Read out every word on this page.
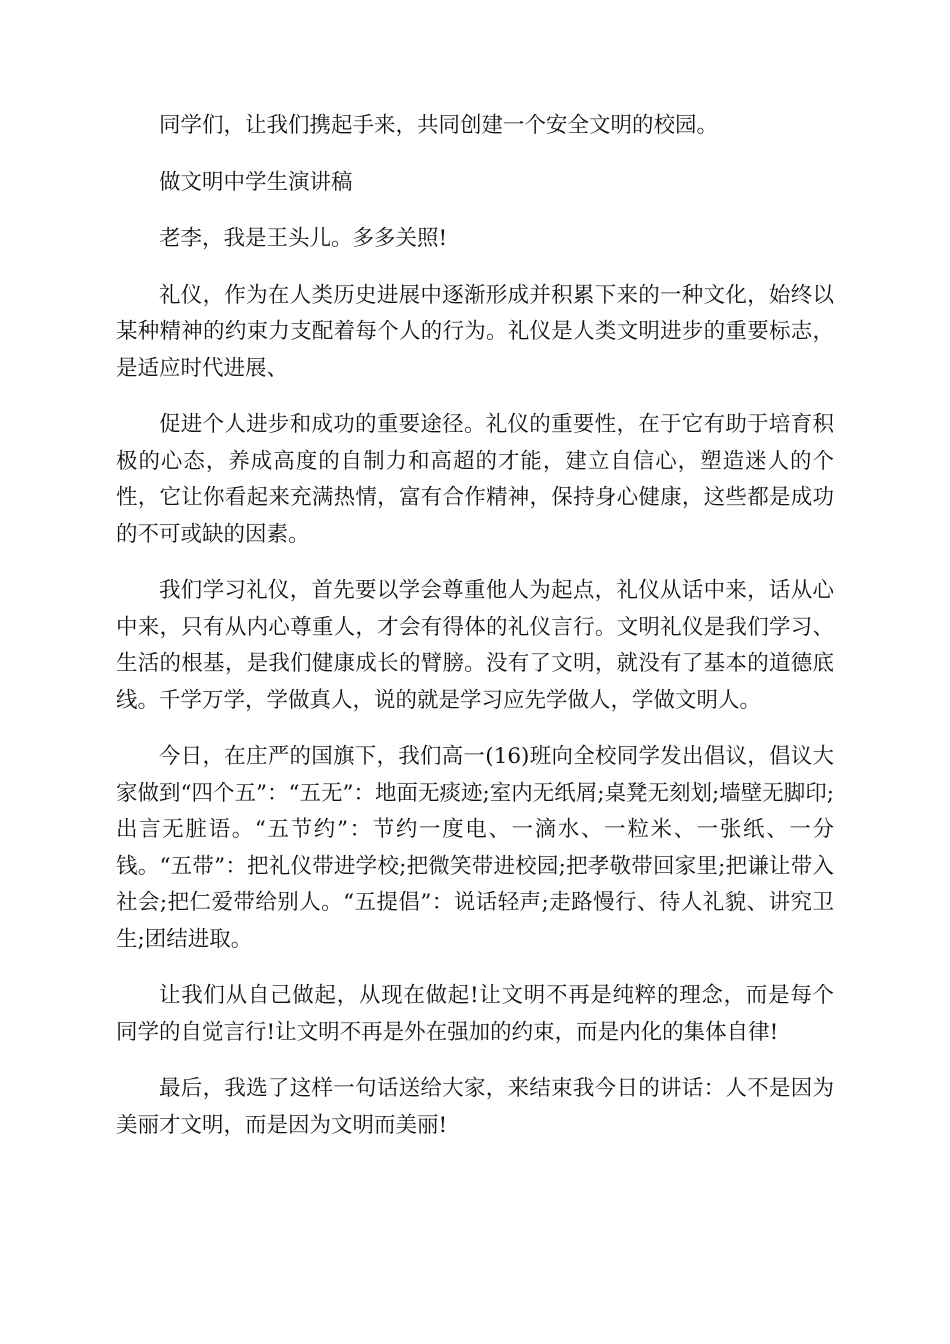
同学们，让我们携起手来，共同创建一个安全文明的校园。

做文明中学生演讲稿

老李，我是王头儿。多多关照!

礼仪，作为在人类历史进展中逐渐形成并积累下来的一种文化，始终以某种精神的约束力支配着每个人的行为。礼仪是人类文明进步的重要标志，是适应时代进展、

促进个人进步和成功的重要途径。礼仪的重要性，在于它有助于培育积极的心态，养成高度的自制力和高超的才能，建立自信心，塑造迷人的个性，它让你看起来充满热情，富有合作精神，保持身心健康，这些都是成功的不可或缺的因素。

我们学习礼仪，首先要以学会尊重他人为起点，礼仪从话中来，话从心中来，只有从内心尊重人，才会有得体的礼仪言行。文明礼仪是我们学习、生活的根基，是我们健康成长的臂膀。没有了文明，就没有了基本的道德底线。千学万学，学做真人，说的就是学习应先学做人，学做文明人。

今日，在庄严的国旗下，我们高一(16)班向全校同学发出倡议，倡议大家做到“四个五”：“五无”：地面无痰迹;室内无纸屑;桌凳无刻划;墙壁无脚印;出言无脏语。“五节约”：节约一度电、一滴水、一粒米、一张纸、一分钱。“五带”：把礼仪带进学校;把微笑带进校园;把孝敬带回家里;把谦让带入社会;把仁爱带给别人。“五提倡”：说话轻声;走路慢行、待人礼貌、讲究卫生;团结进取。

让我们从自己做起，从现在做起!让文明不再是纯粹的理念，而是每个同学的自觉言行!让文明不再是外在强加的约束，而是内化的集体自律!

最后，我选了这样一句话送给大家，来结束我今日的讲话：人不是因为美丽才文明，而是因为文明而美丽!
